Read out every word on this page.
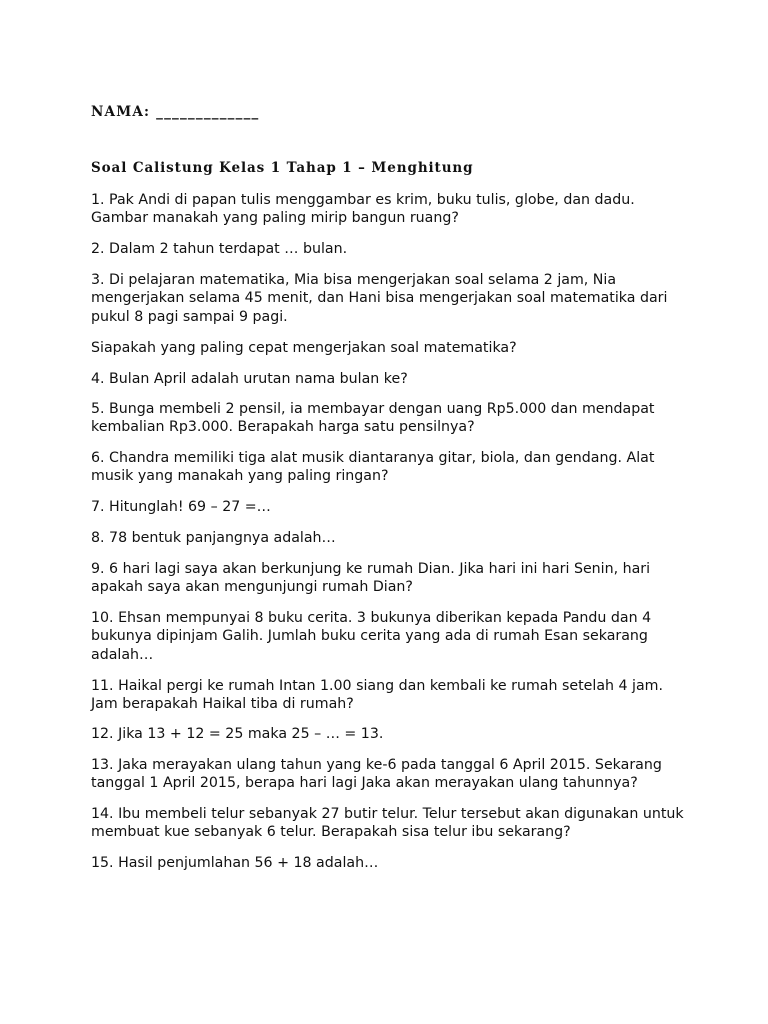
NAMA: _____________
Soal Calistung Kelas 1 Tahap 1 – Menghitung

1. Pak Andi di papan tulis menggambar es krim, buku tulis, globe, dan dadu.
Gambar manakah yang paling mirip bangun ruang?

2. Dalam 2 tahun terdapat … bulan.

3. Di pelajaran matematika, Mia bisa mengerjakan soal selama 2 jam, Nia
mengerjakan selama 45 menit, dan Hani bisa mengerjakan soal matematika dari
pukul 8 pagi sampai 9 pagi.

Siapakah yang paling cepat mengerjakan soal matematika?

4. Bulan April adalah urutan nama bulan ke?

5. Bunga membeli 2 pensil, ia membayar dengan uang Rp5.000 dan mendapat
kembalian Rp3.000. Berapakah harga satu pensilnya?

6. Chandra memiliki tiga alat musik diantaranya gitar, biola, dan gendang. Alat
musik yang manakah yang paling ringan?

7. Hitunglah! 69 – 27 =…

8. 78 bentuk panjangnya adalah…

9. 6 hari lagi saya akan berkunjung ke rumah Dian. Jika hari ini hari Senin, hari
apakah saya akan mengunjungi rumah Dian?

10. Ehsan mempunyai 8 buku cerita. 3 bukunya diberikan kepada Pandu dan 4
bukunya dipinjam Galih. Jumlah buku cerita yang ada di rumah Esan sekarang
adalah…

11. Haikal pergi ke rumah Intan 1.00 siang dan kembali ke rumah setelah 4 jam.
Jam berapakah Haikal tiba di rumah?

12. Jika 13 + 12 = 25 maka 25 – … = 13.

13. Jaka merayakan ulang tahun yang ke-6 pada tanggal 6 April 2015. Sekarang
tanggal 1 April 2015, berapa hari lagi Jaka akan merayakan ulang tahunnya?

14. Ibu membeli telur sebanyak 27 butir telur. Telur tersebut akan digunakan untuk
membuat kue sebanyak 6 telur. Berapakah sisa telur ibu sekarang?

15. Hasil penjumlahan 56 + 18 adalah…
